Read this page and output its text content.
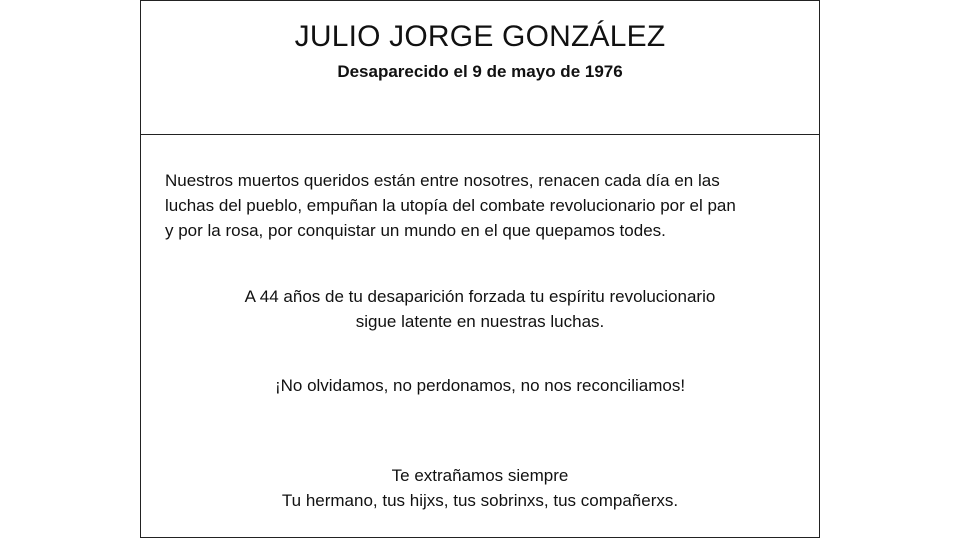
JULIO JORGE GONZÁLEZ

Desaparecido el 9 de mayo de 1976

Nuestros muertos queridos están entre nosotres, renacen cada día en las
luchas del pueblo, empuñan la utopía del combate revolucionario por el pan
y por la rosa, por conquistar un mundo en el que quepamos todes.

A 44 años de tu desaparición forzada tu espíritu revolucionario
sigue latente en nuestras luchas.

¡No olvidamos, no perdonamos, no nos reconciliamos!

Te extrañamos siempre
Tu hermano, tus hijxs, tus sobrinxs, tus compañerxs.
